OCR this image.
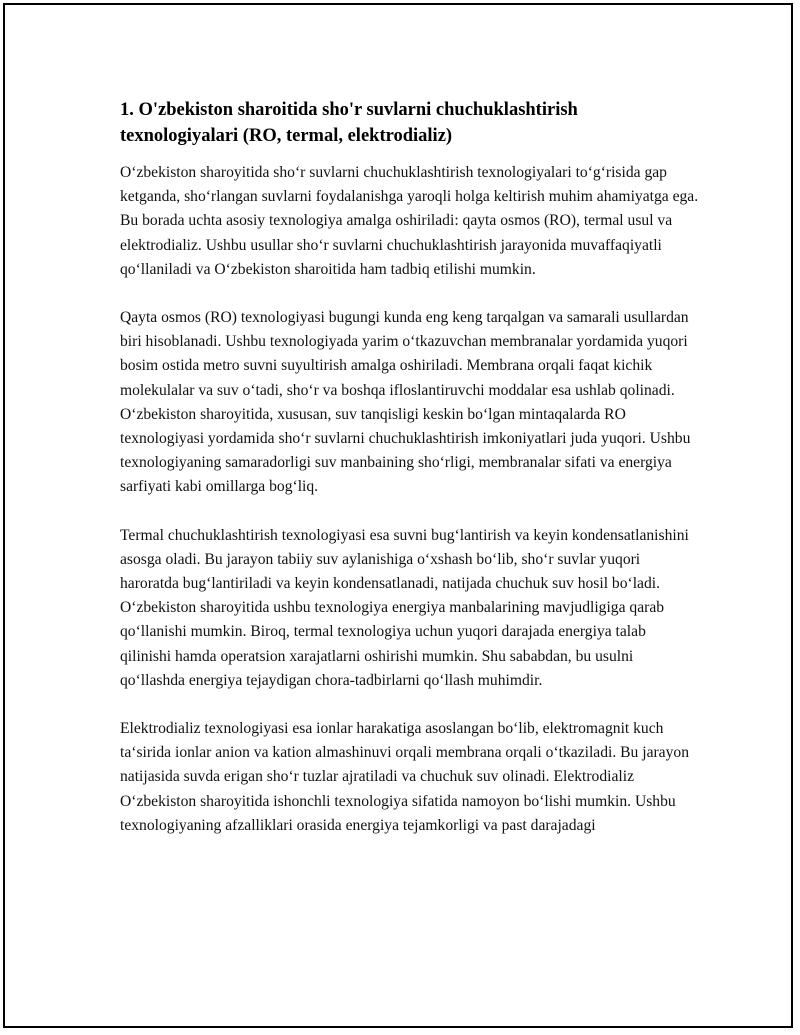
1. O'zbekiston sharoitida sho'r suvlarni chuchuklashtirish texnologiyalari (RO, termal, elektrodializ)

O‘zbekiston sharoyitida sho‘r suvlarni chuchuklashtirish texnologiyalari to‘g‘risida gap ketganda, sho‘rlangan suvlarni foydalanishga yaroqli holga keltirish muhim ahamiyatga ega. Bu borada uchta asosiy texnologiya amalga oshiriladi: qayta osmos (RO), termal usul va elektrodializ. Ushbu usullar sho‘r suvlarni chuchuklashtirish jarayonida muvaffaqiyatli qo‘llaniladi va O‘zbekiston sharoitida ham tadbiq etilishi mumkin.

Qayta osmos (RO) texnologiyasi bugungi kunda eng keng tarqalgan va samarali usullardan biri hisoblanadi. Ushbu texnologiyada yarim o‘tkazuvchan membranalar yordamida yuqori bosim ostida metro suvni suyultirish amalga oshiriladi. Membrana orqali faqat kichik molekulalar va suv o‘tadi, sho‘r va boshqa ifloslantiruvchi moddalar esa ushlab qolinadi. O‘zbekiston sharoyitida, xususan, suv tanqisligi keskin bo‘lgan mintaqalarda RO texnologiyasi yordamida sho‘r suvlarni chuchuklashtirish imkoniyatlari juda yuqori. Ushbu texnologiyaning samaradorligi suv manbaining sho‘rligi, membranalar sifati va energiya sarfiyati kabi omillarga bog‘liq.

Termal chuchuklashtirish texnologiyasi esa suvni bug‘lantirish va keyin kondensatlanishini asosga oladi. Bu jarayon tabiiy suv aylanishiga o‘xshash bo‘lib, sho‘r suvlar yuqori haroratda bug‘lantiriladi va keyin kondensatlanadi, natijada chuchuk suv hosil bo‘ladi. O‘zbekiston sharoyitida ushbu texnologiya energiya manbalarining mavjudligiga qarab qo‘llanishi mumkin. Biroq, termal texnologiya uchun yuqori darajada energiya talab qilinishi hamda operatsion xarajatlarni oshirishi mumkin. Shu sababdan, bu usulni qo‘llashda energiya tejaydigan chora-tadbirlarni qo‘llash muhimdir.

Elektrodializ texnologiyasi esa ionlar harakatiga asoslangan bo‘lib, elektromagnit kuch ta‘sirida ionlar anion va kation almashinuvi orqali membrana orqali o‘tkaziladi. Bu jarayon natijasida suvda erigan sho‘r tuzlar ajratiladi va chuchuk suv olinadi. Elektrodializ O‘zbekiston sharoyitida ishonchli texnologiya sifatida namoyon bo‘lishi mumkin. Ushbu texnologiyaning afzalliklari orasida energiya tejamkorligi va past darajadagi
